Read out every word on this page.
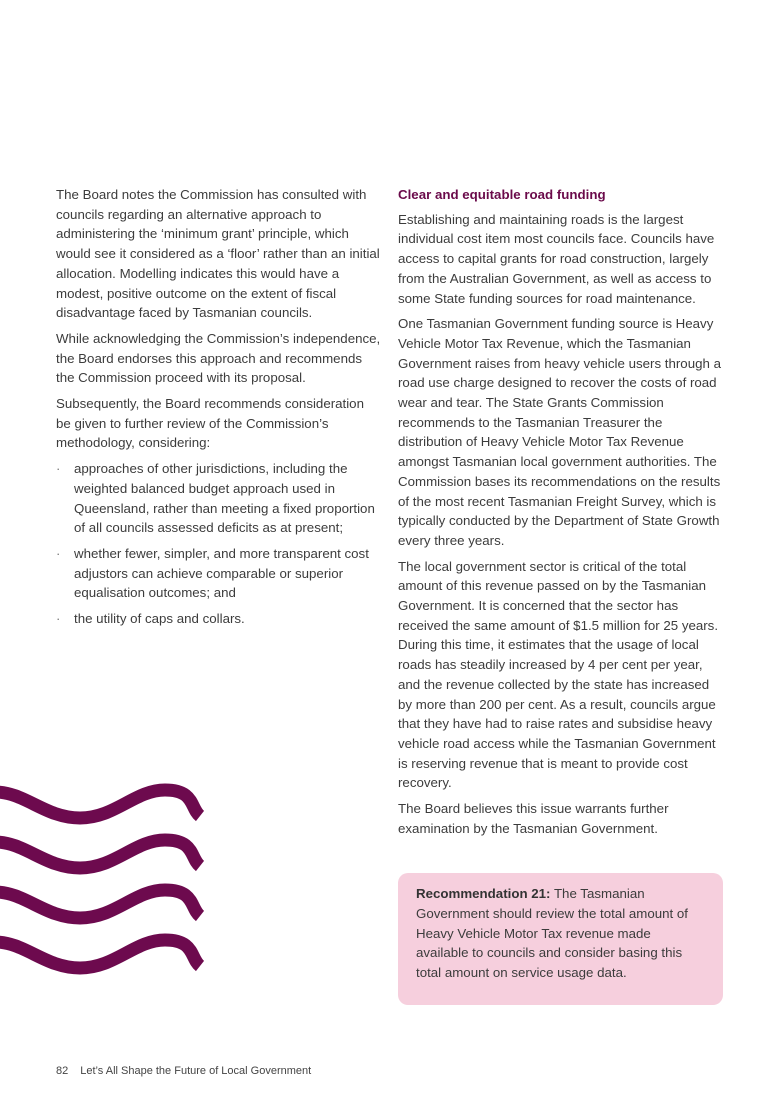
The Board notes the Commission has consulted with councils regarding an alternative approach to administering the ‘minimum grant’ principle, which would see it considered as a ‘floor’ rather than an initial allocation. Modelling indicates this would have a modest, positive outcome on the extent of fiscal disadvantage faced by Tasmanian councils.

While acknowledging the Commission’s independence, the Board endorses this approach and recommends the Commission proceed with its proposal.

Subsequently, the Board recommends consideration be given to further review of the Commission’s methodology, considering:

· approaches of other jurisdictions, including the weighted balanced budget approach used in Queensland, rather than meeting a fixed proportion of all councils assessed deficits as at present;
· whether fewer, simpler, and more transparent cost adjustors can achieve comparable or superior equalisation outcomes; and
· the utility of caps and collars.
Clear and equitable road funding

Establishing and maintaining roads is the largest individual cost item most councils face. Councils have access to capital grants for road construction, largely from the Australian Government, as well as access to some State funding sources for road maintenance.

One Tasmanian Government funding source is Heavy Vehicle Motor Tax Revenue, which the Tasmanian Government raises from heavy vehicle users through a road use charge designed to recover the costs of road wear and tear. The State Grants Commission recommends to the Tasmanian Treasurer the distribution of Heavy Vehicle Motor Tax Revenue amongst Tasmanian local government authorities. The Commission bases its recommendations on the results of the most recent Tasmanian Freight Survey, which is typically conducted by the Department of State Growth every three years.

The local government sector is critical of the total amount of this revenue passed on by the Tasmanian Government. It is concerned that the sector has received the same amount of $1.5 million for 25 years. During this time, it estimates that the usage of local roads has steadily increased by 4 per cent per year, and the revenue collected by the state has increased by more than 200 per cent. As a result, councils argue that they have had to raise rates and subsidise heavy vehicle road access while the Tasmanian Government is reserving revenue that is meant to provide cost recovery.

The Board believes this issue warrants further examination by the Tasmanian Government.

Recommendation 21: The Tasmanian Government should review the total amount of Heavy Vehicle Motor Tax revenue made available to councils and consider basing this total amount on service usage data.
82 Let’s All Shape the Future of Local Government
